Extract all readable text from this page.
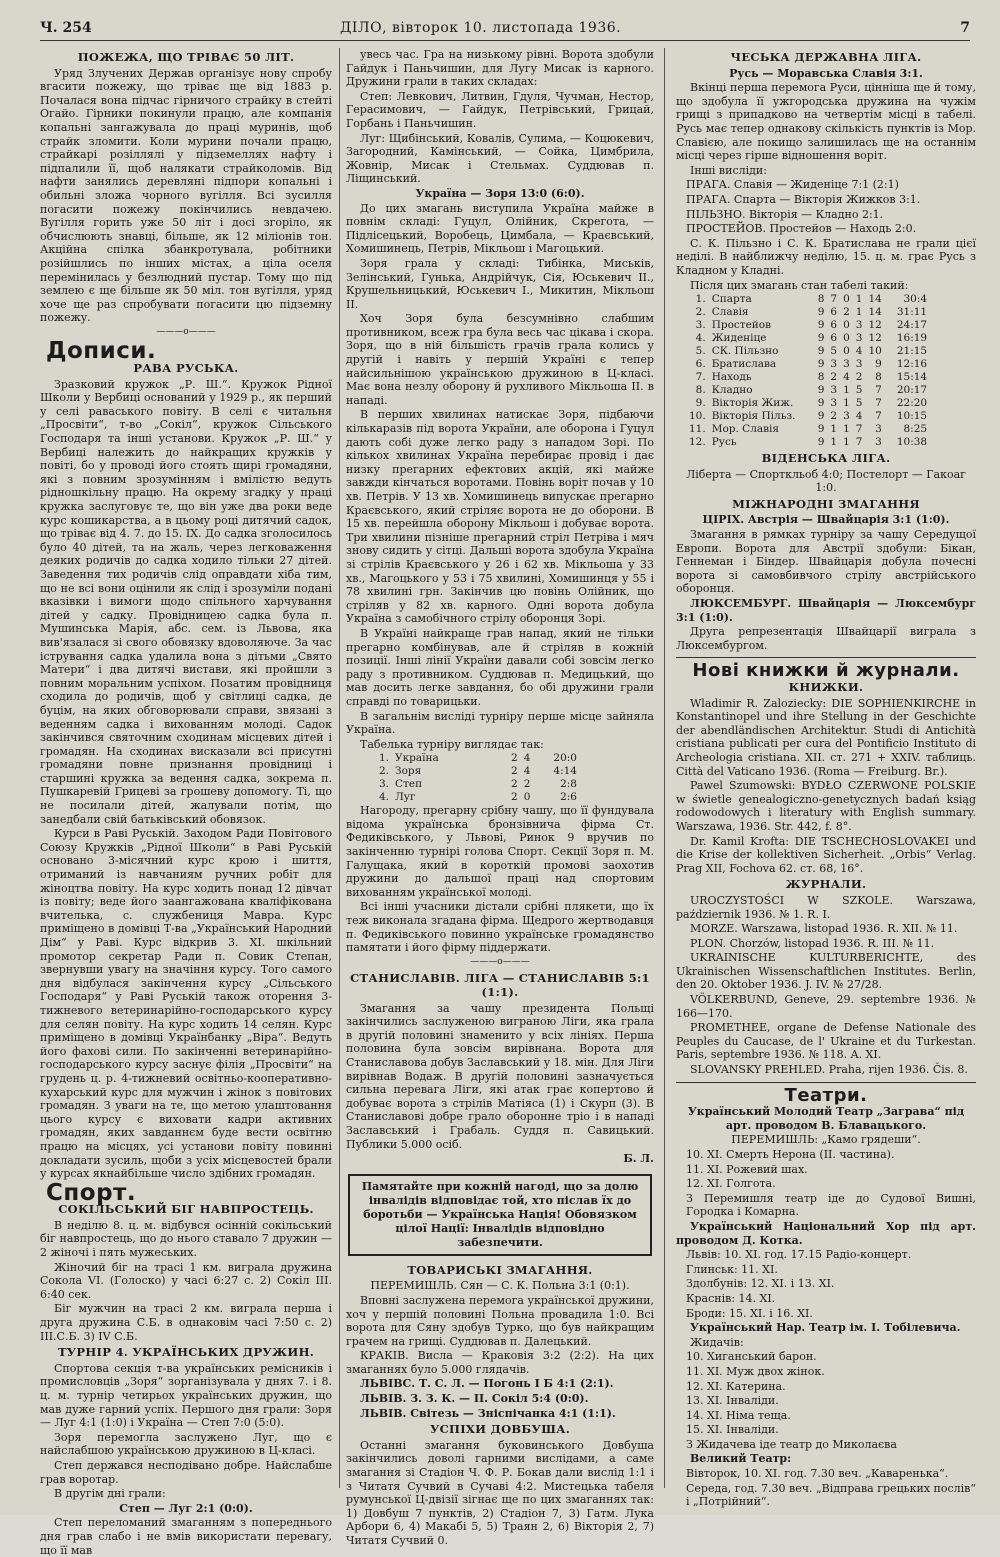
Ч. 254	ДІЛО, вівторок 10. листопада 1936.	7
ПОЖЕЖА, ЩО ТРІВАЄ 50 ЛІТ.

Уряд Злучених Держав організує нову спробу вгасити пожежу, що тріває ще від 1883 р. Почалася вона підчас гірничого страйку в стейті Огайо. Гірники покинули працю, але компанія копальні зангажувала до праці муринів, щоб страйк зломити. Коли мурини почали працю, страйкарі розіллялі у підземеллях нафту і підпалили її, щоб налякати страйколомів. Від нафти занялись деревляні підпори копальні і обильні зложа чорного вугілля. Всі зусилля погасити пожежу покінчились невдачею. Вугілля горить уже 50 літ і досі згоріло, як обчислюють знавці, більше, як 12 міліонів тон. Акційна спілка збанкротувала, робітники розійшлись по інших містах, а ціла оселя перемінилась у безлюдний пустар. Тому що під землею є ще більше як 50 міл. тон вугілля, уряд хоче ще раз спробувати погасити цю підземну пожежу.

———o———
Дописи.
РАВА РУСЬКА.

Зразковий кружок „Р. Ш.“. Кружок Рідної Школи у Вербиці оснований у 1929 р., як перший у селі раваського повіту. В селі є читальня „Просвіти“, т-во „Сокіл“, кружок Сільського Господаря та інші установи. Кружок „Р. Ш.“ у Вербиці належить до найкращих кружків у повіті, бо у проводі його стоять щирі громадяни, які з повним зрозумінням і вмілістю ведуть рідношкільну працю. На окрему згадку у праці кружка заслуговує те, що він уже два роки веде курс кошикарства, а в цьому році дитячий садок, що тріває від 4. 7. до 15. IX. До садка зголосилось було 40 дітей, та на жаль, через легковаження деяких родичів до садка ходило тільки 27 дітей. Заведення тих родичів слід оправдати хіба тим, що не всі вони оцінили як слід і зрозуміли подані вказівки і вимоги щодо спільного харчування дітей у садку. Провідницею садка була п. Мушинська Марія, абс. сем. із Львова, яка вив'язалася зі свого обовязку вдоволяюче. За час істрування садка удалила вона з дітьми „Свято Матери“ і два дитячі вистави, які пройшли з повним моральним успіхом. Позатим провідниця сходила до родичів, щоб у світлиці садка, де буцім, на яких обговорювали справи, звязані з веденням садка і вихованням молоді. Садок закінчився святочним сходинам місцевих дітей і громадян. На сходинах висказали всі присутні громадяни повне признання провідниці і старшині кружка за ведення садка, зокрема п. Пушкаревій Грицеві за грошеву допомогу. Ті, що не посилали дітей, жалували потім, що занедбали свій батьківський обовязок.

Курси в Раві Руській. Заходом Ради Повітового Союзу Кружків „Рідної Школи“ в Раві Руській основано 3-місячний курс крою і шиття, отриманий із навчаниям ручних робіт для жіноцтва повіту. На курс ходить понад 12 дівчат із повіту; веде його заангажована кваліфікована вчителька, с. службениця Мавра. Курс приміщено в домівці Т-ва „Український Народний Дім“ у Раві. Курс відкрив 3. XI. шкільний промотор секретар Ради п. Совик Степан, звернувши увагу на значіння курсу. Того самого дня відбулася закінчення курсу „Сільського Господаря“ у Раві Руській також оторення 3-тижневого ветеринарійно-господарського курсу для селян повіту. На курс ходить 14 селян. Курс приміщено в домівці Українбанку „Віра“. Ведуть його фахові сили. По закінченні ветеринарійно-господарського курсу заснує філія „Просвіти“ на грудень ц. р. 4-тижневий освітньо-кооперативно-кухарський курс для мужчин і жінок з повітових громадян. З уваги на те, що метою улаштовання цього курсу є виховати кадри активних громадян, яких завданнєм буде вести освітню працю на місцях, усі установи повіту повинні докладати зусиль, щоби з усіх місцевостей брали у курсах якнайбільше число здібних громадян.

Спорт.
СОКІЛЬСЬКИЙ БІГ НАВПРОСТЕЦЬ.

В неділю 8. ц. м. відбувся осінній сокільський біг навпростець, що до нього ставало 7 дружин — 2 жіночі і пять мужеських.

Жіночий біг на трасі 1 км. виграла дружина Сокола VI. (Голоско) у часі 6:27 с. 2) Сокіл III. 6:40 сек.

Біг мужчин на трасі 2 км. виграла перша і друга дружина С.Б. в однаковім часі 7:50 с. 2) III.С.Б. 3) IV С.Б.

ТУРНІР 4. УКРАЇНСЬКИХ ДРУЖИН.

Спортова секція т-ва українських ремісників і промисловців „Зоря“ зорганізувала у днях 7. і 8. ц. м. турнір четирьох українських дружин, що мав дуже гарний успіх. Першого дня грали: Зоря — Луг 4:1 (1:0) і Україна — Степ 7:0 (5:0).

Зоря перемогла заслужено Луг, що є найслабшою українською дружиною в Ц-класі.

Степ держався несподівано добре. Найслабше грав воротар.

В другім дні грали:

Степ — Луг 2:1 (0:0).

Степ переломаний змаганням з попереднього дня грав слабо і не вмів використати перевагу, що її мав

увесь час. Гра на низькому рівні. Ворота здобули Гайдук і Паньчишин, для Лугу Мисак із карного. Дружини грали в таких складах:

Степ: Левкович, Литвин, Гдуля, Чучман, Нестор, Герасимович, — Гайдук, Петрівський, Грицай, Горбань і Паньчишин.

Луг: Щибінський, Ковалів, Сулима, — Коцюкевич, Загородний, Камінський, — Сойка, Цимбрила, Жовнір, Мисак і Стельмах. Суддював п. Ліщинський.

Україна — Зоря 13:0 (6:0).

До цих змагань виступила Україна майже в повнім складі: Гуцул, Олійник, Скрегота, — Підлісецький, Воробець, Цимбала, — Краєвський, Хомишинець, Петрів, Мікльош і Магоцький.

Зоря грала у складі: Тибінка, Миськів, Зелінський, Гунька, Андрійчук, Сія, Юськевич II., Крушельницький, Юськевич I., Микитин, Мікльош II.

Хоч Зоря була безсумнівно слабшим противником, всеж гра була весь час цікава і скора. Зоря, що в ній більшість грачів грала колись у другій і навіть у першій Україні є тепер найсильнішою українською дружиною в Ц-класі. Має вона незлу оборону й рухливого Мікльоша II. в нападі.

В перших хвилинах натискає Зоря, підбаючи кількаразів під ворота України, але оборона і Гуцул дають собі дуже легко раду з нападом Зорі. По кількох хвилинах Україна перебирає провід і дає низку прегарних ефектових акцій, які майже завжди кінчаться воротами. Повінь воріт почав у 10 хв. Петрів. У 13 хв. Хомишинець випускає прегарно Краєвського, який стріляє ворота не до оборони. В 15 хв. перейшла оборону Мікльош і добуває ворота. Три хвилини пізніше прегарний стріл Петріва і мяч знову сидить у сітці. Дальші ворота здобула Україна зі стрілів Краєвського у 26 і 62 хв. Мікльоша у 33 хв., Магоцького у 53 і 75 хвилині, Хомишинця у 55 і 78 хвилині грн. Закінчив цю повінь Олійник, що стріляв у 82 хв. карного. Одні ворота добула Україна з самобічного стрілу оборонця Зорі.

В Україні найкраще грав напад, який не тільки прегарно комбінував, але й стріляв в кожній позиції. Інші лінії України давали собі зовсім легко раду з противником. Суддював п. Медицький, що мав досить легке завдання, бо обі дружини грали справді по товарицьки.

В загальнім висліді турніру перше місце зайняла Україна.

Табелька турніру виглядає так:

1.	Україна	2	4	20:0
2.	Зоря	2	4	4:14
3.	Степ	2	2	2:8
4.	Луг	2	0	2:6

Нагороду, прегарну срібну чашу, що її фундувала відома українська бронзівнича фірма Ст. Федиківського, у Львові, Ринок 9 вручив по закінченню турнірі голова Спорт. Секції Зоря п. М. Галущака, який в короткій промові заохотив дружини до дальшої праці над спортовим вихованням української молоді.

Всі інші учасники дістали срібні плякети, що їх теж виконала згадана фірма. Щедрого жертводавця п. Федиківського повинно українське громадянство памятати і його фірму піддержати.

———o———
СТАНИСЛАВІВ. ЛІГА — СТАНИСЛАВІВ 5:1 (1:1).

Змагання за чашу президента Польщі закінчились заслуженою виграною Ліги, яка грала в другій половині знаменито у всіх лініях. Перша половина була зовсім вирівнана. Ворота для Станиславова добув Заславський у 18. мін. Для Ліги вирівнав Водаж. В другій половині зазначується сильна перевага Ліги, які атак грає копертово й добуває ворота з стрілів Матіяса (1) і Скурп (3). В Станиславові добре грало оборонне тріо і в нападі Заславський і Грабаль. Суддя п. Савицький. Публики 5.000 осіб.

Б. Л.

Памятайте при кожній нагоді, що за долю інвалідів відповідає той, хто післав їх до боротьби — Українська Нація! Обовязком цілої Нації: Інвалідів відповідно забезпечити.
ТОВАРИСЬКІ ЗМАГАННЯ.

ПЕРЕМИШЛЬ. Сян — С. К. Польна 3:1 (0:1).

Вповні заслужена перемога української дружини, хоч у першій половині Польна провадила 1:0. Всі ворота для Сяну здобув Турко, що був найкращим грачем на грищі. Суддював п. Далецький.

КРАКІВ. Висла — Краковія 3:2 (2:2). На цих змаганнях було 5.000 глядачів.

ЛЬВІВС. Т. С. Л. — Погонь І Б 4:1 (2:1).

ЛЬВІВ. З. З. К. — II. Сокіл 5:4 (0:0).

ЛЬВІВ. Світезь — Зніспічанка 4:1 (1:1).

УСПІХИ ДОВБУША.

Останні змагання буковинського Довбуша закінчились доволі гарними вислідами, а саме змагання зі Стадіон Ч. Ф. Р. Бокав дали вислід 1:1 і з Читатя Сучвий в Сучаві 4:2. Мистецька табеля румунської Ц-двізії зігнає ще по цих змаганнях так: 1) Довбуш 7 пунктів, 2) Стадіон 7, 3) Гатм. Лука Арбори 6, 4) Макабі 5, 5) Траян 2, 6) Вікторія 2, 7) Читатя Сучвий 0.

ЧЕСЬКА ДЕРЖАВНА ЛІГА.

Русь — Моравська Славія 3:1.

Вкінці перша перемога Руси, цінніша ще й тому, що здобула її ужгородська дружина на чужім грищі з припадково на четвертім місці в табелі. Русь має тепер однакову скількість пунктів із Мор. Славією, але покищо залишилась ще на останнім місці через гірше відношення воріт.

Інші висліди:

ПРАГА. Славія — Жиденіце 7:1 (2:1)

ПРАГА. Спарта — Вікторія Жижков 3:1.

ПІЛЬЗНО. Вікторія — Кладно 2:1.

ПРОСТЕЙОВ. Простейов — Находь 2:0.

С. К. Пільзно і С. К. Братислава не грали цієї неділі. В найближчу неділю, 15. ц. м. грає Русь з Кладном у Кладні.

Після цих змагань стан табелі такий:

1.	Спарта	8	7	0	1	14	30:4
2.	Славія	9	6	2	1	14	31:11
3.	Простейов	9	6	0	3	12	24:17
4.	Жиденіце	9	6	0	3	12	16:19
5.	СК. Пільзно	9	5	0	4	10	21:15
6.	Братислава	9	3	3	3	9	12:16
7.	Находь	8	2	4	2	8	15:14
8.	Кладно	9	3	1	5	7	20:17
9.	Вікторія Жиж.	9	3	1	5	7	22:20
10.	Вікторія Пільз.	9	2	3	4	7	10:15
11.	Мор. Славія	9	1	1	7	3	8:25
12.	Русь	9	1	1	7	3	10:38
ВІДЕНСЬКА ЛІГА.

Ліберта — Спорткльоб 4:0; Постелорт — Гакоаг 1:0.

МІЖНАРОДНІ ЗМАГАННЯ

ЦІРІХ. Австрія — Швайцарія 3:1 (1:0).

Змагання в рямках турніру за чашу Середущої Европи. Ворота для Австрії здобули: Бікан, Геннеман і Біндер. Швайцарія добула почесні ворота зі самовбивчого стрілу австрійського оборонця.

ЛЮКСЕМБУРГ. Швайцарія — Люксембург 3:1 (1:0).

Друга репрезентація Швайцарії виграла з Люксембургом.

Нові книжки й журнали.
КНИЖКИ.

Wladimir R. Zaloziecky: DIE SOPHIENKIRCHE in Konstantinopel und ihre Stellung in der Geschichte der abendländischen Architektur. Studi di Antichità cristiana publicati per cura del Pontificio Instituto di Archeologia cristiana. XII. ст. 271 + XXIV. таблиць. Città del Vaticano 1936. (Roma — Freiburg. Br.).

Pawel Szumowski: BYDŁO CZERWONE POLSKIE w świetle genealogiczno-genetycznych badań ksiąg rodowodowych i literatury with English summary. Warszawa, 1936. Str. 442, f. 8°.

Dr. Kamil Krofta: DIE TSCHECHOSLOVAKEI und die Krise der kollektiven Sicherheit. „Orbis“ Verlag. Prag XII, Fochova 62. ст. 68, 16°.

ЖУРНАЛИ.

UROCZYSTOŚCI W SZKOLE. Warszawa, październik 1936. № 1. R. I.

MORZE. Warszawa, listopad 1936. R. XII. № 11.

PLON. Chorzów, listopad 1936. R. III. № 11.

UKRAINISCHE KULTURBERICHTE, des Ukrainischen Wissenschaftlichen Institutes. Berlin, den 20. Oktober 1936. J. IV. № 27/28.

VÖLKERBUND, Geneve, 29. septembre 1936. № 166—170.

PROMETHEE, organe de Defense Nationale des Peuples du Caucase, de l' Ukraine et du Turkestan. Paris, septembre 1936. № 118. A. XI.

SLOVANSKY PREHLED. Praha, rijen 1936. Čis. 8.

Театри.

Український Молодий Театр „Заграва“ під арт. проводом В. Блавацького.

ПЕРЕМИШЛЬ: „Камо грядеши“.

10. XI. Смерть Нерона (II. частина).

11. XI. Рожевий шах.

12. XI. Голгота.

З Перемишля театр іде до Судової Вишні, Городка і Комарна.

Український Національний Хор під арт. проводом Д. Котка.

Львів: 10. XI. год. 17.15 Радіо-концерт.

Глинськ: 11. XI.

Здолбунів: 12. XI. і 13. XI.

Краснів: 14. XI.

Броди: 15. XI. і 16. XI.

Український Нар. Театр ім. І. Тобілевича.

Жидачів:

10. Хиганський барон.

11. XI. Муж двох жінок.

12. XI. Катерина.

13. XI. Інваліди.

14. XI. Німа теща.

15. XI. Інваліди.

З Жидачева іде театр до Миколаєва

Великий Театр:

Вівторок, 10. XI. год. 7.30 веч. „Каваренька“.

Середа, год. 7.30 веч. „Відправа грецьких послів“ і „Потрійний“.
